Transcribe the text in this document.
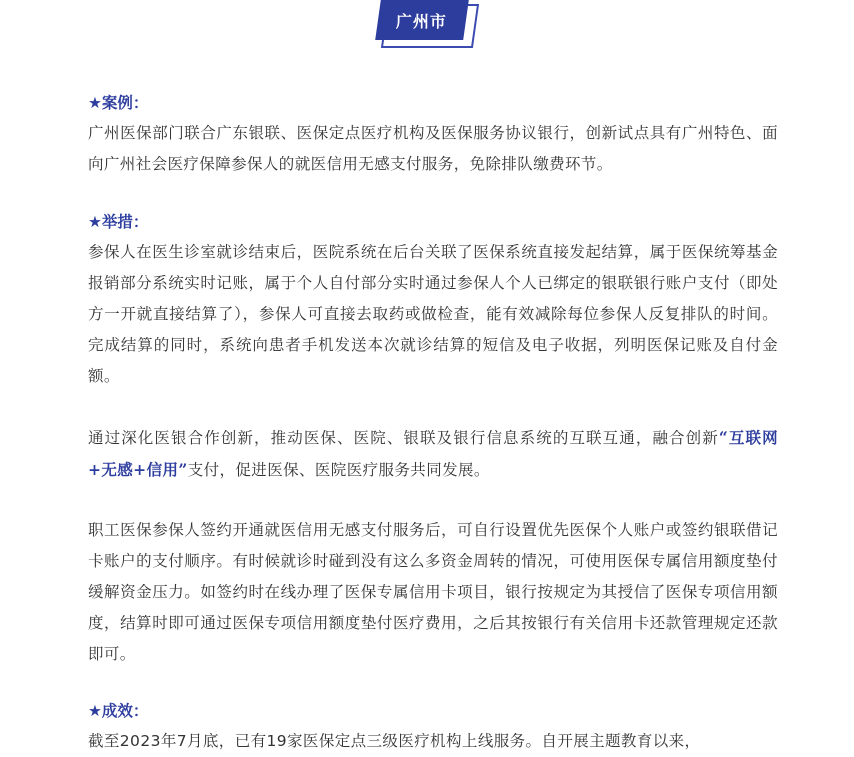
广州市
★案例：
广州医保部门联合广东银联、医保定点医疗机构及医保服务协议银行，创新试点具有广州特色、面向广州社会医疗保障参保人的就医信用无感支付服务，免除排队缴费环节。
★举措：
参保人在医生诊室就诊结束后，医院系统在后台关联了医保系统直接发起结算，属于医保统筹基金报销部分系统实时记账，属于个人自付部分实时通过参保人个人已绑定的银联银行账户支付（即处方一开就直接结算了），参保人可直接去取药或做检查，能有效减除每位参保人反复排队的时间。完成结算的同时，系统向患者手机发送本次就诊结算的短信及电子收据，列明医保记账及自付金额。
通过深化医银合作创新，推动医保、医院、银联及银行信息系统的互联互通，融合创新“互联网+无感+信用”支付，促进医保、医院医疗服务共同发展。
职工医保参保人签约开通就医信用无感支付服务后，可自行设置优先医保个人账户或签约银联借记卡账户的支付顺序。有时候就诊时碰到没有这么多资金周转的情况，可使用医保专属信用额度垫付缓解资金压力。如签约时在线办理了医保专属信用卡项目，银行按规定为其授信了医保专项信用额度，结算时即可通过医保专项信用额度垫付医疗费用，之后其按银行有关信用卡还款管理规定还款即可。
★成效：
截至2023年7月底，已有19家医保定点三级医疗机构上线服务。自开展主题教育以来，
